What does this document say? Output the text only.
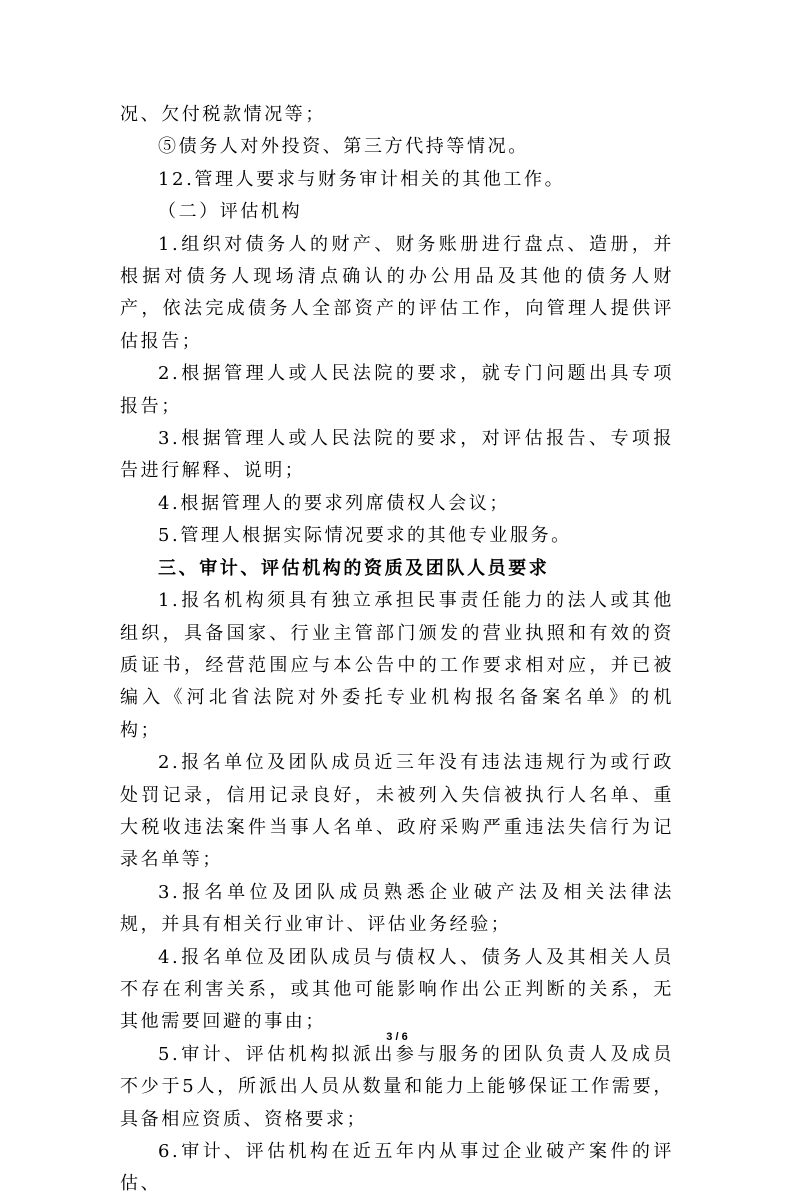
况、欠付税款情况等；

⑤债务人对外投资、第三方代持等情况。

12.管理人要求与财务审计相关的其他工作。

（二）评估机构

1.组织对债务人的财产、财务账册进行盘点、造册，并根据对债务人现场清点确认的办公用品及其他的债务人财产，依法完成债务人全部资产的评估工作，向管理人提供评估报告；

2.根据管理人或人民法院的要求，就专门问题出具专项报告；

3.根据管理人或人民法院的要求，对评估报告、专项报告进行解释、说明；

4.根据管理人的要求列席债权人会议；

5.管理人根据实际情况要求的其他专业服务。

三、审计、评估机构的资质及团队人员要求

1.报名机构须具有独立承担民事责任能力的法人或其他组织，具备国家、行业主管部门颁发的营业执照和有效的资质证书，经营范围应与本公告中的工作要求相对应，并已被编入《河北省法院对外委托专业机构报名备案名单》的机构；

2.报名单位及团队成员近三年没有违法违规行为或行政处罚记录，信用记录良好，未被列入失信被执行人名单、重大税收违法案件当事人名单、政府采购严重违法失信行为记录名单等；

3.报名单位及团队成员熟悉企业破产法及相关法律法规，并具有相关行业审计、评估业务经验；

4.报名单位及团队成员与债权人、债务人及其相关人员不存在利害关系，或其他可能影响作出公正判断的关系，无其他需要回避的事由；

5.审计、评估机构拟派出参与服务的团队负责人及成员不少于5人，所派出人员从数量和能力上能够保证工作需要，具备相应资质、资格要求；

6.审计、评估机构在近五年内从事过企业破产案件的评估、

3 / 6
